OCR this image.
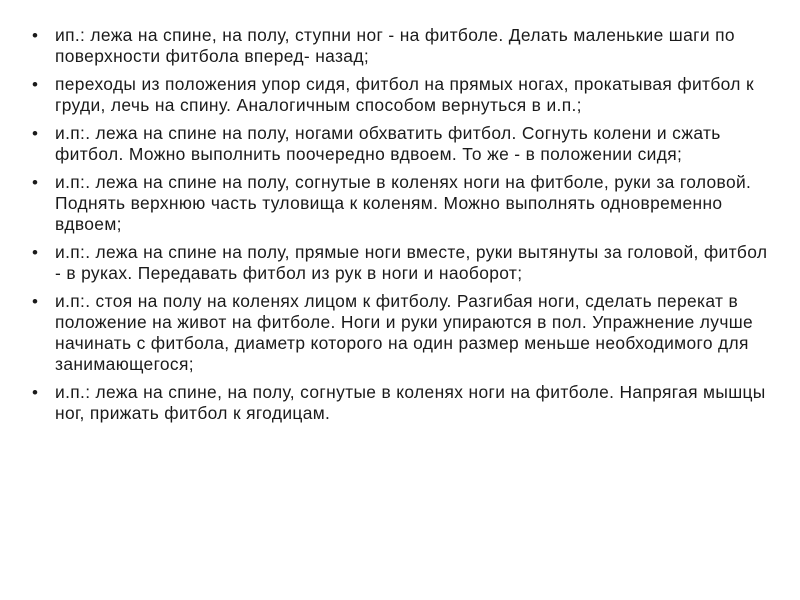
• ип.: лежа на спине, на полу, ступни ног - на фитболе. Делать маленькие шаги по поверхности фитбола вперед- назад;
• переходы из положения упор сидя, фитбол на прямых ногах, прокатывая фитбол к груди, лечь на спину. Аналогичным способом вернуться в и.п.;
• и.п:. лежа на спине на полу, ногами обхватить фитбол. Согнуть колени и сжать фитбол. Можно выполнить поочередно вдвоем. То же - в положении сидя;
• и.п:. лежа на спине на полу, согнутые в коленях ноги на фитболе, руки за головой. Поднять верхнюю часть туловища к коленям. Можно выполнять одновременно вдвоем;
• и.п:. лежа на спине на полу, прямые ноги вместе, руки вытянуты за головой, фитбол - в руках. Передавать фитбол из рук в ноги и наоборот;
• и.п:. стоя на полу на коленях лицом к фитболу. Разгибая ноги, сделать перекат в положение на живот на фитболе. Ноги и руки упираются в пол. Упражнение лучше начинать с фитбола, диаметр которого на один размер меньше необходимого для занимающегося;
• и.п.: лежа на спине, на полу, согнутые в коленях ноги на фитболе. Напрягая мышцы ног, прижать фитбол к ягодицам.
